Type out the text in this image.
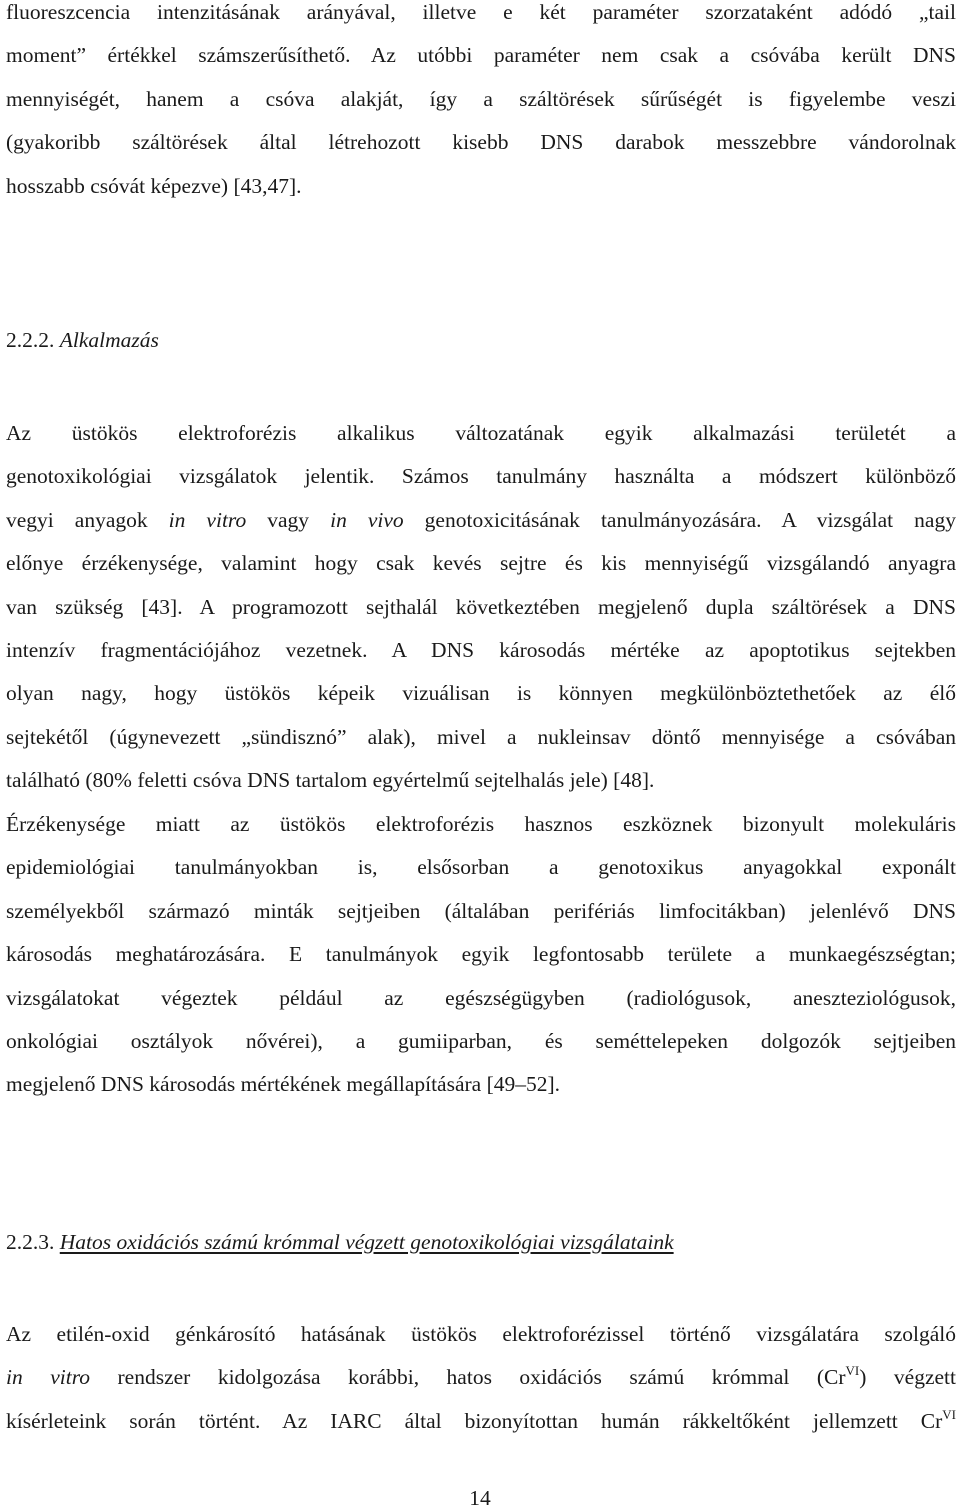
fluoreszcencia intenzitásának arányával, illetve e két paraméter szorzataként adódó „tail
moment” értékkel számszerűsíthető. Az utóbbi paraméter nem csak a csóvába került DNS
mennyiségét, hanem a csóva alakját, így a száltörések sűrűségét is figyelembe veszi
(gyakoribb száltörések által létrehozott kisebb DNS darabok messzebbre vándorolnak
hosszabb csóvát képezve) [43,47].
2.2.2. Alkalmazás
Az üstökös elektroforézis alkalikus változatának egyik alkalmazási területét a
genotoxikológiai vizsgálatok jelentik. Számos tanulmány használta a módszert különböző
vegyi anyagok in vitro vagy in vivo genotoxicitásának tanulmányozására. A vizsgálat nagy
előnye érzékenysége, valamint hogy csak kevés sejtre és kis mennyiségű vizsgálandó anyagra
van szükség [43]. A programozott sejthalál következtében megjelenő dupla száltörések a DNS
intenzív fragmentációjához vezetnek. A DNS károsodás mértéke az apoptotikus sejtekben
olyan nagy, hogy üstökös képeik vizuálisan is könnyen megkülönböztethetőek az élő
sejtekétől (úgynevezett „sündisznó” alak), mivel a nukleinsav döntő mennyisége a csóvában
található (80% feletti csóva DNS tartalom egyértelmű sejtelhalás jele) [48].
Érzékenysége miatt az üstökös elektroforézis hasznos eszköznek bizonyult molekuláris
epidemiológiai tanulmányokban is, elsősorban a genotoxikus anyagokkal exponált
személyekből származó minták sejtjeiben (általában perifériás limfocitákban) jelenlévő DNS
károsodás meghatározására. E tanulmányok egyik legfontosabb területe a munkaegészségtan;
vizsgálatokat végeztek például az egészségügyben (radiológusok, aneszteziológusok,
onkológiai osztályok nővérei), a gumiiparban, és seméttelepeken dolgozók sejtjeiben
megjelenő DNS károsodás mértékének megállapítására [49–52].
2.2.3. Hatos oxidációs számú krómmal végzett genotoxikológiai vizsgálataink
Az etilén-oxid génkárosító hatásának üstökös elektroforézissel történő vizsgálatára szolgáló
in vitro rendszer kidolgozása korábbi, hatos oxidációs számú krómmal $(Cr^{VI})$ végzett
kísérleteink során történt. Az IARC által bizonyítottan humán rákkeltőként jellemzett $Cr^{VI}$
14
